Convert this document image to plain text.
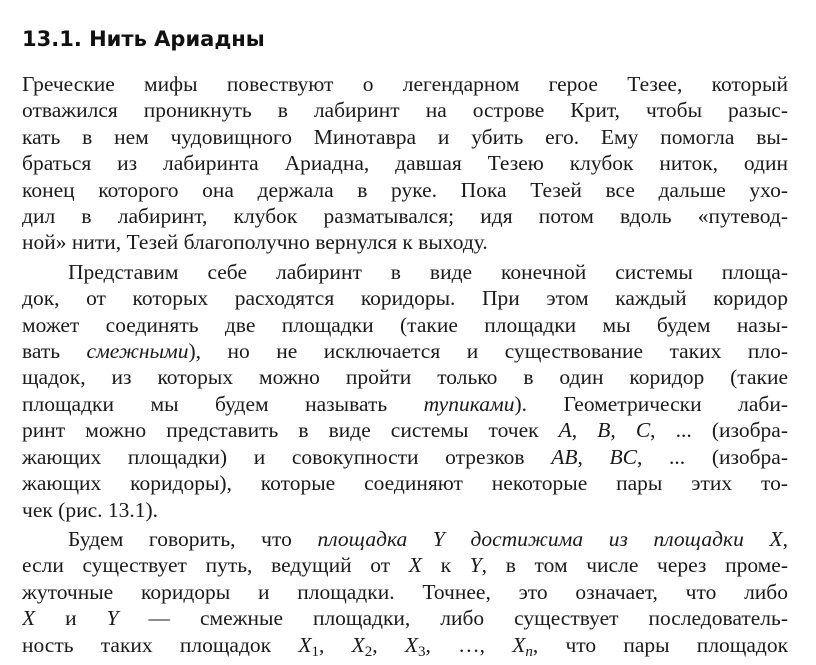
13.1. Нить Ариадны
Греческие мифы повествуют о легендарном герое Тезее, который
отважился проникнуть в лабиринт на острове Крит, чтобы разыс-
кать в нем чудовищного Минотавра и убить его. Ему помогла вы-
браться из лабиринта Ариадна, давшая Тезею клубок ниток, один
конец которого она держала в руке. Пока Тезей все дальше ухо-
дил в лабиринт, клубок разматывался; идя потом вдоль «путевод-
ной» нити, Тезей благополучно вернулся к выходу.
Представим себе лабиринт в виде конечной системы площа-
док, от которых расходятся коридоры. При этом каждый коридор
может соединять две площадки (такие площадки мы будем назы-
вать смежными), но не исключается и существование таких пло-
щадок, из которых можно пройти только в один коридор (такие
площадки мы будем называть тупиками). Геометрически лаби-
ринт можно представить в виде системы точек A, B, C, ... (изобра-
жающих площадки) и совокупности отрезков AB, BC, ... (изобра-
жающих коридоры), которые соединяют некоторые пары этих то-
чек (рис. 13.1).
Будем говорить, что площадка Y достижима из площадки X,
если существует путь, ведущий от X к Y, в том числе через проме-
жуточные коридоры и площадки. Точнее, это означает, что либо
X и Y — смежные площадки, либо существует последователь-
ность таких площадок $X_1$, $X_2$, $X_3$, …, $X_n$, что пары площадок
